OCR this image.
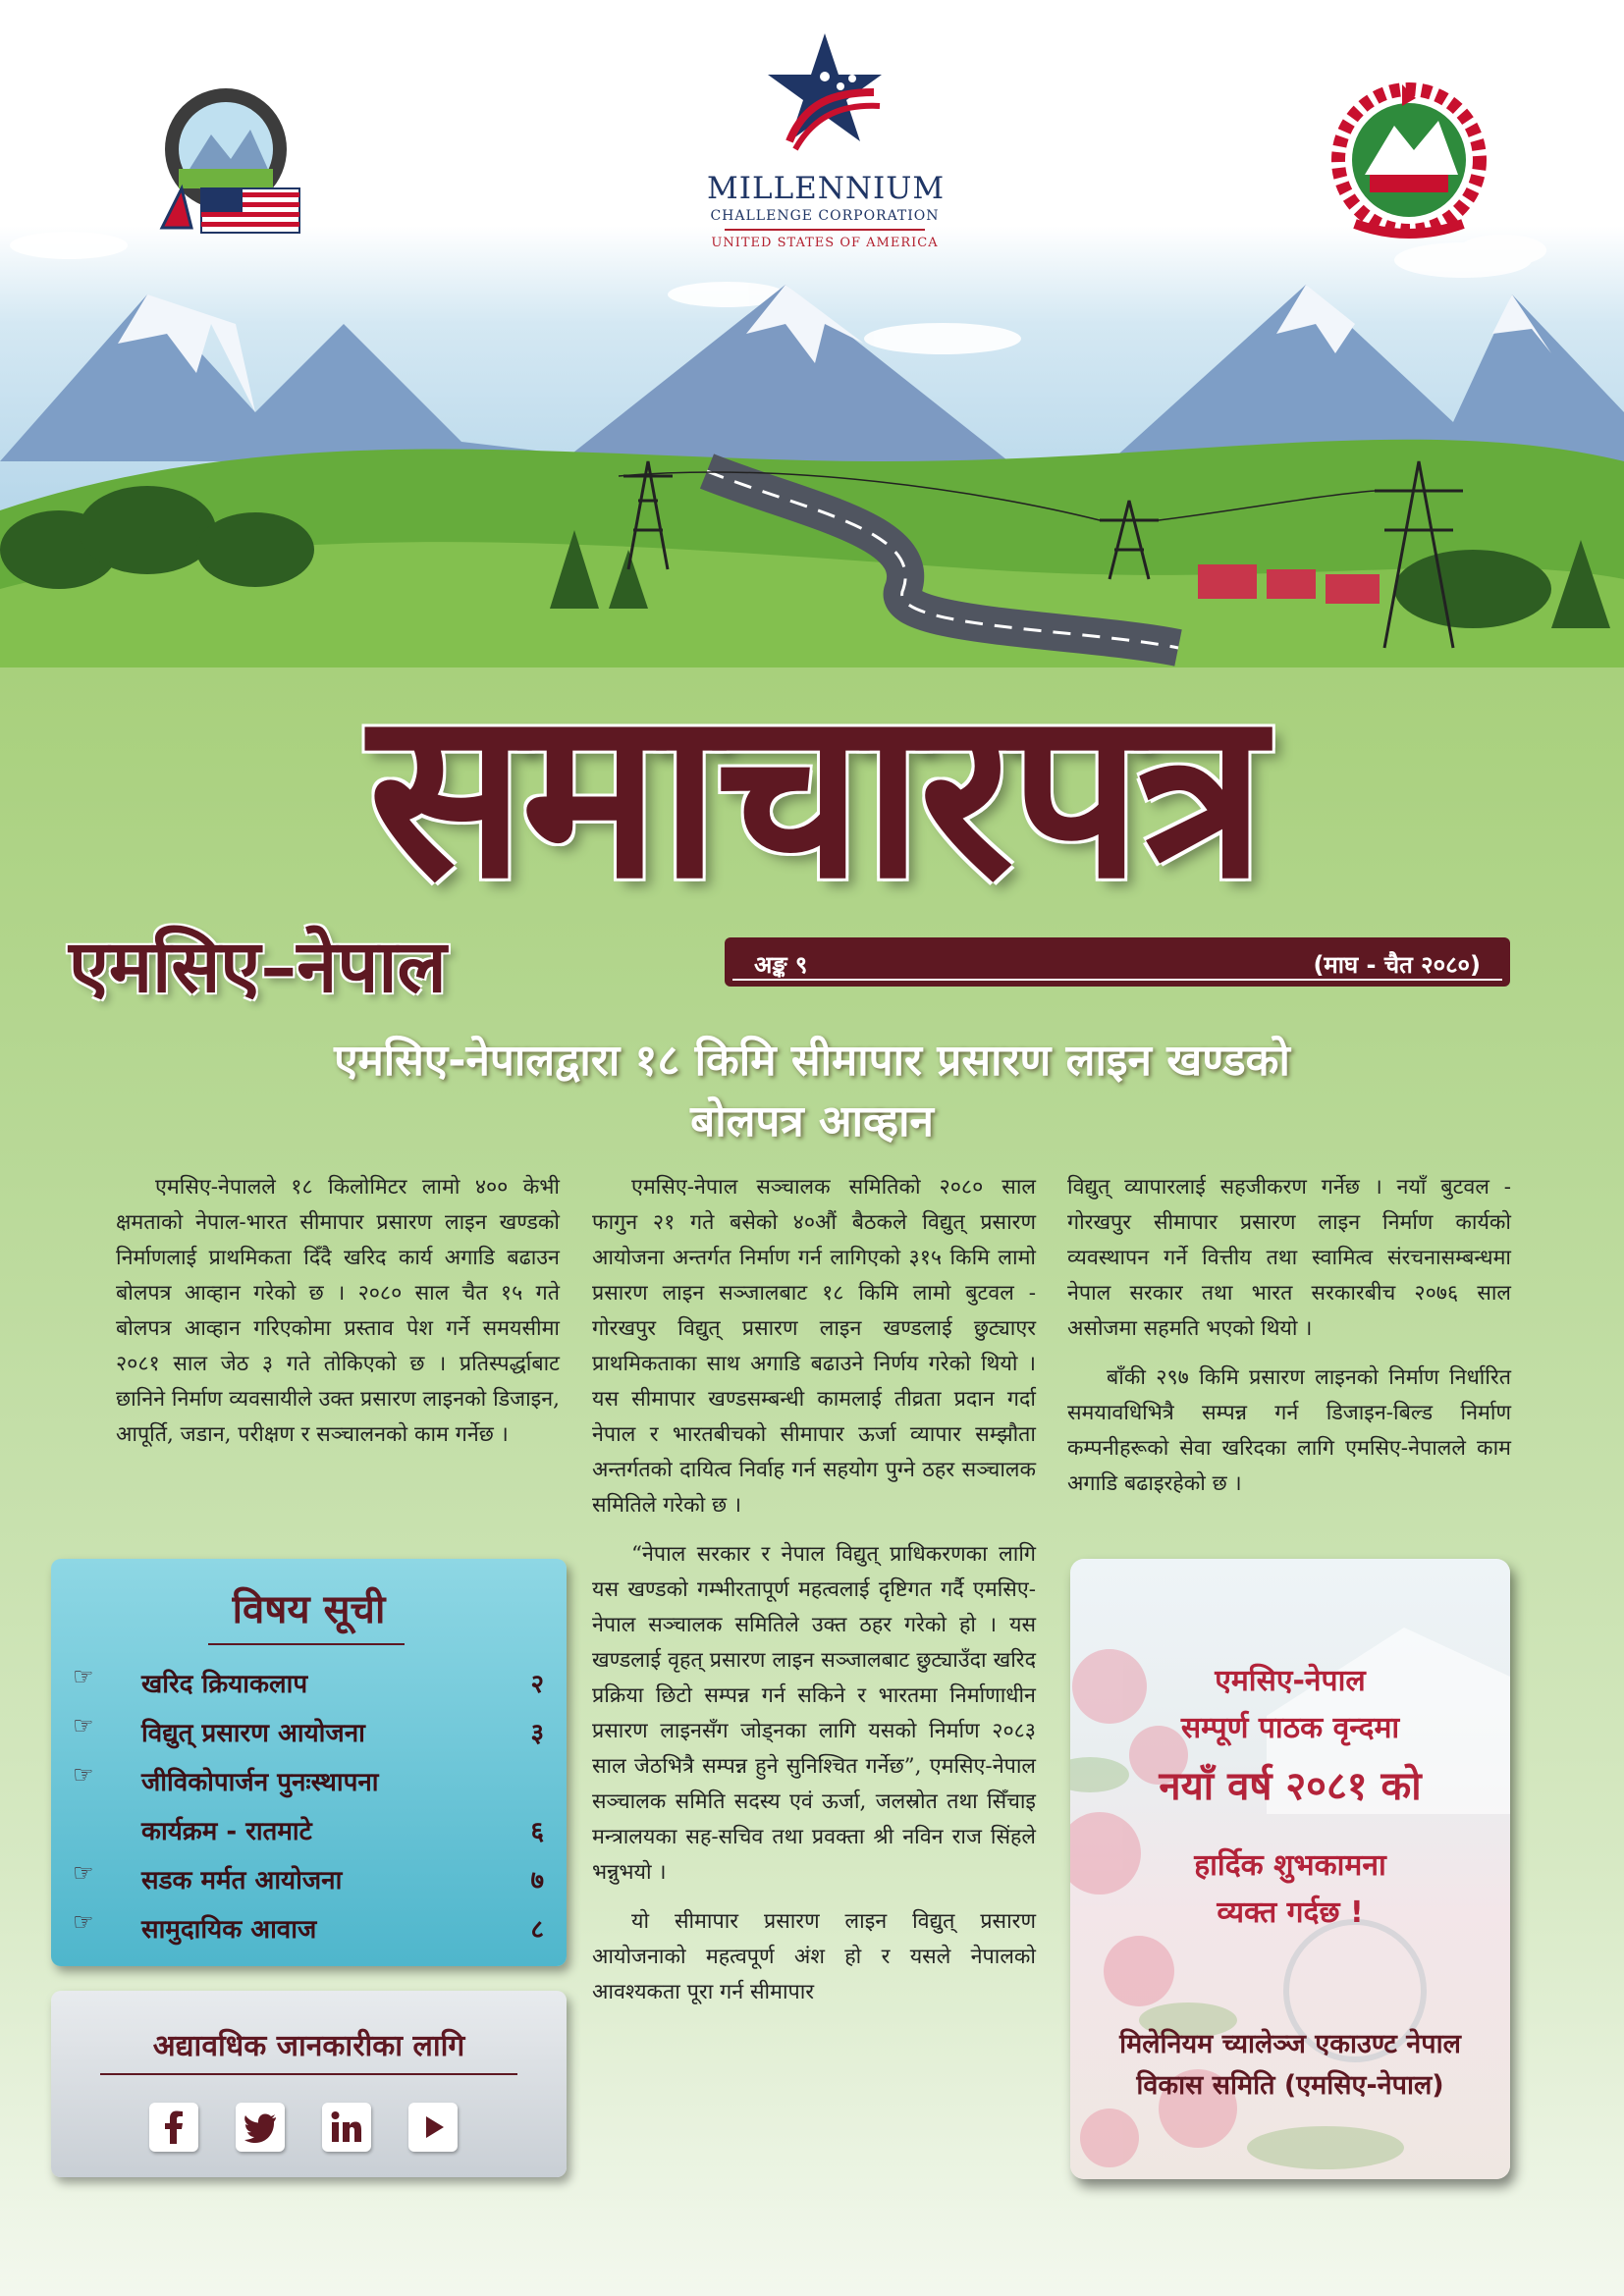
MILLENNIUM
CHALLENGE CORPORATION
UNITED STATES OF AMERICA
समाचारपत्र
एमसिए–नेपाल	अङ्क ९	(माघ - चैत २०८०)
एमसिए-नेपालद्वारा १८ किमि सीमापार प्रसारण लाइन खण्डको
बोलपत्र आव्हान

एमसिए-नेपालले १८ किलोमिटर लामो ४०० केभी क्षमताको नेपाल-भारत सीमापार प्रसारण लाइन खण्डको निर्माणलाई प्राथमिकता दिँदै खरिद कार्य अगाडि बढाउन बोलपत्र आव्हान गरेको छ । २०८० साल चैत १५ गते बोलपत्र आव्हान गरिएकोमा प्रस्ताव पेश गर्ने समयसीमा २०८१ साल जेठ ३ गते तोकिएको छ । प्रतिस्पर्द्धाबाट छानिने निर्माण व्यवसायीले उक्त प्रसारण लाइनको डिजाइन, आपूर्ति, जडान, परीक्षण र सञ्चालनको काम गर्नेछ ।

एमसिए-नेपाल सञ्चालक समितिको २०८० साल फागुन २१ गते बसेको ४०औं बैठकले विद्युत् प्रसारण आयोजना अन्तर्गत निर्माण गर्न लागिएको ३१५ किमि लामो प्रसारण लाइन सञ्जालबाट १८ किमि लामो बुटवल - गोरखपुर विद्युत् प्रसारण लाइन खण्डलाई छुट्याएर प्राथमिकताका साथ अगाडि बढाउने निर्णय गरेको थियो । यस सीमापार खण्डसम्बन्धी कामलाई तीव्रता प्रदान गर्दा नेपाल र भारतबीचको सीमापार ऊर्जा व्यापार सम्झौता अन्तर्गतको दायित्व निर्वाह गर्न सहयोग पुग्ने ठहर सञ्चालक समितिले गरेको छ ।

“नेपाल सरकार र नेपाल विद्युत् प्राधिकरणका लागि यस खण्डको गम्भीरतापूर्ण महत्वलाई दृष्टिगत गर्दै एमसिए-नेपाल सञ्चालक समितिले उक्त ठहर गरेको हो । यस खण्डलाई वृहत् प्रसारण लाइन सञ्जालबाट छुट्याउँदा खरिद प्रक्रिया छिटो सम्पन्न गर्न सकिने र भारतमा निर्माणाधीन प्रसारण लाइनसँग जोड्नका लागि यसको निर्माण २०८३ साल जेठभित्रै सम्पन्न हुने सुनिश्चित गर्नेछ”, एमसिए-नेपाल सञ्चालक समिति सदस्य एवं ऊर्जा, जलस्रोत तथा सिँचाइ मन्त्रालयका सह-सचिव तथा प्रवक्ता श्री नविन राज सिंहले भन्नुभयो ।

यो सीमापार प्रसारण लाइन विद्युत् प्रसारण आयोजनाको महत्वपूर्ण अंश हो र यसले नेपालको आवश्यकता पूरा गर्न सीमापार

विद्युत् व्यापारलाई सहजीकरण गर्नेछ । नयाँ बुटवल - गोरखपुर सीमापार प्रसारण लाइन निर्माण कार्यको व्यवस्थापन गर्ने वित्तीय तथा स्वामित्व संरचनासम्बन्धमा नेपाल सरकार तथा भारत सरकारबीच २०७६ साल असोजमा सहमति भएको थियो ।

बाँकी २९७ किमि प्रसारण लाइनको निर्माण निर्धारित समयावधिभित्रै सम्पन्न गर्न डिजाइन-बिल्ड निर्माण कम्पनीहरूको सेवा खरिदका लागि एमसिए-नेपालले काम अगाडि बढाइरहेको छ ।

विषय सूची
☞ खरिद क्रियाकलाप	२
☞ विद्युत् प्रसारण आयोजना	३
☞ जीविकोपार्जन पुनःस्थापना
कार्यक्रम - रातमाटे	६
☞ सडक मर्मत आयोजना	७
☞ सामुदायिक आवाज	८
अद्यावधिक जानकारीका लागि
एमसिए-नेपाल
सम्पूर्ण पाठक वृन्दमा
नयाँ वर्ष २०८१ को
हार्दिक शुभकामना
व्यक्त गर्दछ !
मिलेनियम च्यालेञ्ज एकाउण्ट नेपाल
विकास समिति (एमसिए-नेपाल)
